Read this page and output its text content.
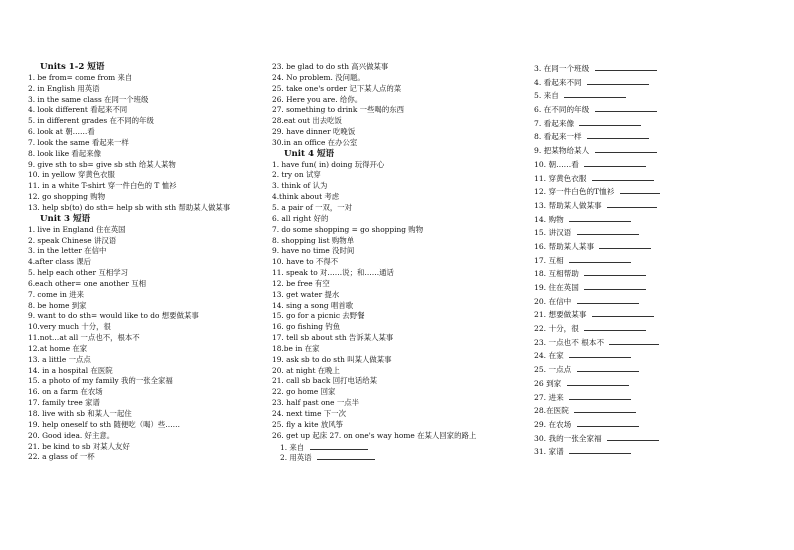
Units 1-2 短语
1. be from= come from 来自
2. in English 用英语
3. in the same class 在同一个班级
4. look different 看起来不同
5. in different grades 在不同的年级
6. look at 朝……看
7. look the same 看起来一样
8. look like 看起来像
9. give sth to sb= give sb sth 给某人某物
10. in yellow 穿黄色衣服
11. in a white T-shirt 穿一件白色的 T 恤衫
12. go shopping 购物
13. help sb(to) do sth= help sb with sth 帮助某人做某事
Unit 3 短语
1. live in England 住在英国
2. speak Chinese 讲汉语
3. in the letter 在信中
4.after class 课后
5. help each other 互相学习
6.each other= one another 互相
7. come in 进来
8. be home 到家
9. want to do sth= would like to do 想要做某事
10.very much 十分，很
11.not…at all 一点也不，根本不
12.at home 在家
13. a little 一点点
14. in a hospital 在医院
15. a photo of my family 我的一张全家福
16. on a farm 在农场
17. family tree 家谱
18. live with sb 和某人一起住
19. help oneself to sth 随便吃（喝）些……
20. Good idea. 好主意。
21. be kind to sb 对某人友好
22. a glass of 一杯
23. be glad to do sth 高兴做某事
24. No problem. 没问题。
25. take one's order 记下某人点的菜
26. Here you are. 给你。
27. something to drink 一些喝的东西
28.eat out 出去吃饭
29. have dinner 吃晚饭
30.in an office 在办公室
Unit 4 短语
1. have fun( in) doing 玩得开心
2. try on 试穿
3. think of 认为
4.think about 考虑
5. a pair of 一双，一对
6. all right 好的
7. do some shopping = go shopping 购物
8. shopping list 购物单
9. have no time 没时间
10. have to 不得不
11. speak to 对……说；和……通话
12. be free 有空
13. get water 提水
14. sing a song 唱首歌
15. go for a picnic 去野餐
16. go fishing 钓鱼
17. tell sb about sth 告诉某人某事
18.be in 在家
19. ask sb to do sth 叫某人做某事
20. at night 在晚上
21. call sb back 回打电话给某
22. go home 回家
23. half past one 一点半
24. next time 下一次
25. fly a kite 放风筝
26. get up 起床 27. on one's way home 在某人回家的路上
1. 来自
2. 用英语
3. 在同一个班级
4. 看起来不同
5. 来自
6. 在不同的年级
7. 看起来像
8. 看起来一样
9. 把某物给某人
10. 朝……看
11. 穿黄色衣服
12. 穿一件白色的T恤衫
13. 帮助某人做某事
14. 购物
15. 讲汉语
16. 帮助某人某事
17. 互相
18. 互相帮助
19. 住在英国
20. 在信中
21. 想要做某事
22. 十分，很
23. 一点也不 根本不
24. 在家
25. 一点点
26 到家
27. 进来
28.在医院
29. 在农场
30. 我的一张全家福
31. 家谱
